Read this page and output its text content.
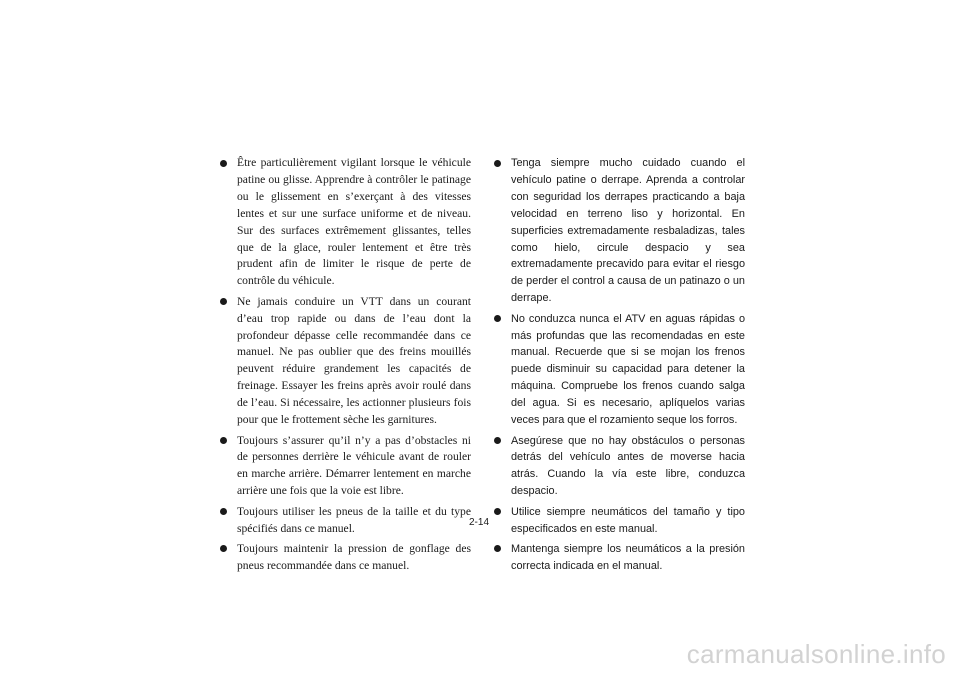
Être particulièrement vigilant lorsque le véhicule patine ou glisse. Apprendre à contrôler le patinage ou le glissement en s’exerçant à des vitesses lentes et sur une surface uniforme et de niveau. Sur des surfaces extrêmement glissantes, telles que de la glace, rouler lentement et être très prudent afin de limiter le risque de perte de contrôle du véhicule.
Ne jamais conduire un VTT dans un courant d’eau trop rapide ou dans de l’eau dont la profondeur dépasse celle recommandée dans ce manuel. Ne pas oublier que des freins mouillés peuvent réduire grandement les capacités de freinage. Essayer les freins après avoir roulé dans de l’eau. Si nécessaire, les actionner plusieurs fois pour que le frottement sèche les garnitures.
Toujours s’assurer qu’il n’y a pas d’obstacles ni de personnes derrière le véhicule avant de rouler en marche arrière. Démarrer lentement en marche arrière une fois que la voie est libre.
Toujours utiliser les pneus de la taille et du type spécifiés dans ce manuel.
Toujours maintenir la pression de gonflage des pneus recommandée dans ce manuel.
Tenga siempre mucho cuidado cuando el vehículo patine o derrape. Aprenda a controlar con seguridad los derrapes practicando a baja velocidad en terreno liso y horizontal. En superficies extremadamente resbaladizas, tales como hielo, circule despacio y sea extremadamente precavido para evitar el riesgo de perder el control a causa de un patinazo o un derrape.
No conduzca nunca el ATV en aguas rápidas o más profundas que las recomendadas en este manual. Recuerde que si se mojan los frenos puede disminuir su capacidad para detener la máquina. Compruebe los frenos cuando salga del agua. Si es necesario, aplíquelos varias veces para que el rozamiento seque los forros.
Asegúrese que no hay obstáculos o personas detrás del vehículo antes de moverse hacia atrás. Cuando la vía este libre, conduzca despacio.
Utilice siempre neumáticos del tamaño y tipo especificados en este manual.
Mantenga siempre los neumáticos a la presión correcta indicada en el manual.
2-14
carmanualsonline.info
